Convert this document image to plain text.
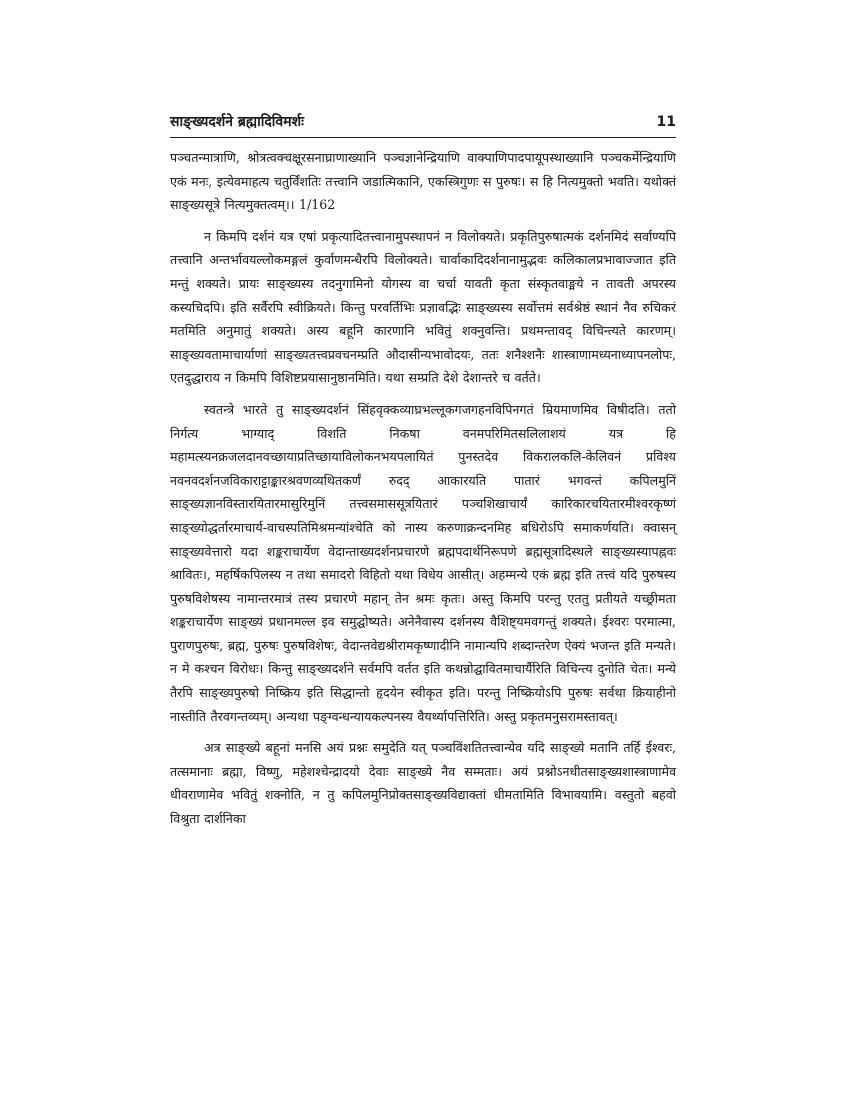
साङ्ख्यदर्शने ब्रह्मादिविमर्शः	11

पञ्चतन्मात्राणि, श्रोत्रत्वक्चक्षूरसनाघ्राणाख्यानि पञ्चज्ञानेन्द्रियाणि वाक्पाणिपादपायूपस्थाख्यानि पञ्चकर्मेन्द्रियाणि एकं मनः, इत्येवमाहत्य चतुर्विंशतिः तत्त्वानि जडात्मिकानि, एकस्त्रिगुणः स पुरुषः। स हि नित्यमुक्तो भवति। यथोक्तं साङ्ख्यसूत्रे नित्यमुक्तत्वम्।। 1/162

न किमपि दर्शनं यत्र एषां प्रकृत्यादितत्त्वानामुपस्थापनं न विलोक्यते। प्रकृतिपुरुषात्मकं दर्शनमिदं सर्वाण्यपि तत्त्वानि अन्तर्भावयल्लोकमङ्गलं कुर्वाणमन्धैरपि विलोक्यते। चार्वाकादिदर्शनानामुद्भवः कलिकालप्रभावाज्जात इति मन्तुं शक्यते। प्रायः साङ्ख्यस्य तदनुगामिनो योगस्य वा चर्चा यावती कृता संस्कृतवाङ्मये न तावती अपरस्य कस्यचिदपि। इति सर्वैरपि स्वीक्रियते। किन्तु परवर्तिभिः प्रज्ञावद्भिः साङ्ख्यस्य सर्वोत्तमं सर्वश्रेष्ठं स्थानं नैव रुचिकरं मतमिति अनुमातुं शक्यते। अस्य बहूनि कारणानि भवितुं शक्नुवन्ति। प्रथमन्तावद् विचिन्त्यते कारणम्। साङ्ख्यवतामाचार्याणां साङ्ख्यतत्त्वप्रवचनम्प्रति औदासीन्यभावोदयः, ततः शनैश्शनैः शास्त्राणामध्यनाध्यापनलोपः, एतदुद्धाराय न किमपि विशिष्टप्रयासानुष्ठानमिति। यथा सम्प्रति देशे देशान्तरे च वर्तते।

स्वतन्त्रे भारते तु साङ्ख्यदर्शनं सिंहवृक्कव्याघ्रभल्लूकगजगहनविपिनगतं म्रियमाणमिव विषीदति। ततो निर्गत्य भाग्याद् विशति निकषा वनमपरिमितसलिलाशयं यत्र हि महामत्स्यनक्रजलदानवच्छायाप्रतिच्छायाविलोकनभयपलायितं पुनस्तदेव विकरालकलि-केलिवनं प्रविश्य नवनवदर्शनजविकाराट्टाङ्कारश्रवणव्यथितकर्णं रुदद् आकारयति पातारं भगवन्तं कपिलमुनिं साङ्ख्यज्ञानविस्तारयितारमासुरिमुनिं तत्त्वसमाससूत्रयितारं पञ्चशिखाचार्यं कारिकारचयितारमीश्वरकृष्णं साङ्ख्योद्धर्तारमाचार्य-वाचस्पतिमिश्रमन्यांश्चेति को नास्य करुणाक्रन्दनमिह बधिरोऽपि समाकर्णयति। क्वासन् साङ्ख्यवेत्तारो यदा शङ्कराचार्येण वेदान्ताख्यदर्शनप्रचारणे ब्रह्मपदार्थनिरूपणे ब्रह्मसूत्रादिस्थले साङ्ख्यस्यापह्नवः श्रावितः।, महर्षिकपिलस्य न तथा समादरो विहितो यथा विधेय आसीत्। अहम्मन्ये एकं ब्रह्म इति तत्त्वं यदि पुरुषस्य पुरुषविशेषस्य नामान्तरमात्रं तस्य प्रचारणे महान् तेन श्रमः कृतः। अस्तु किमपि परन्तु एततु प्रतीयते यच्छ्रीमता शङ्कराचार्येण साङ्ख्यं प्रधानमल्ल इव समुद्घोष्यते। अनेनैवास्य दर्शनस्य वैशिष्ट्यमवगन्तुं शक्यते। ईश्वरः परमात्मा, पुराणपुरुषः, ब्रह्म, पुरुषः पुरुषविशेषः, वेदान्तवेद्यश्रीरामकृष्णादीनि नामान्यपि शब्दान्तरेण ऐक्यं भजन्त इति मन्यते। न मे कश्चन विरोधः। किन्तु साङ्ख्यदर्शने सर्वमपि वर्तत इति कथन्नोद्घावितमाचार्यैरिति विचिन्त्य दुनोति चेतः। मन्ये तैरपि साङ्ख्यपुरुषो निष्क्रिय इति सिद्धान्तो हृदयेन स्वीकृत इति। परन्तु निष्क्रियोऽपि पुरुषः सर्वथा क्रियाहीनो नास्तीति तैरवगन्तव्यम्। अन्यथा पङ्ग्वन्धन्यायकल्पनस्य वैयर्थ्यापत्तिरिति। अस्तु प्रकृतमनुसरामस्तावत्।

अत्र साङ्ख्ये बहूनां मनसि अयं प्रश्नः समुदेति यत् पञ्चविंशतितत्त्वान्येव यदि साङ्ख्ये मतानि तर्हि ईश्वरः, तत्समानाः ब्रह्मा, विष्णु, महेशश्चेन्द्रादयो देवाः साङ्ख्ये नैव सम्मताः। अयं प्रश्नोऽनधीतसाङ्ख्यशास्त्राणामेव धीवराणामेव भवितुं शक्नोति, न तु कपिलमुनिप्रोक्तसाङ्ख्यविद्याक्तां धीमतामिति विभावयामि। वस्तुतो बहवो विश्रुता दार्शनिका
